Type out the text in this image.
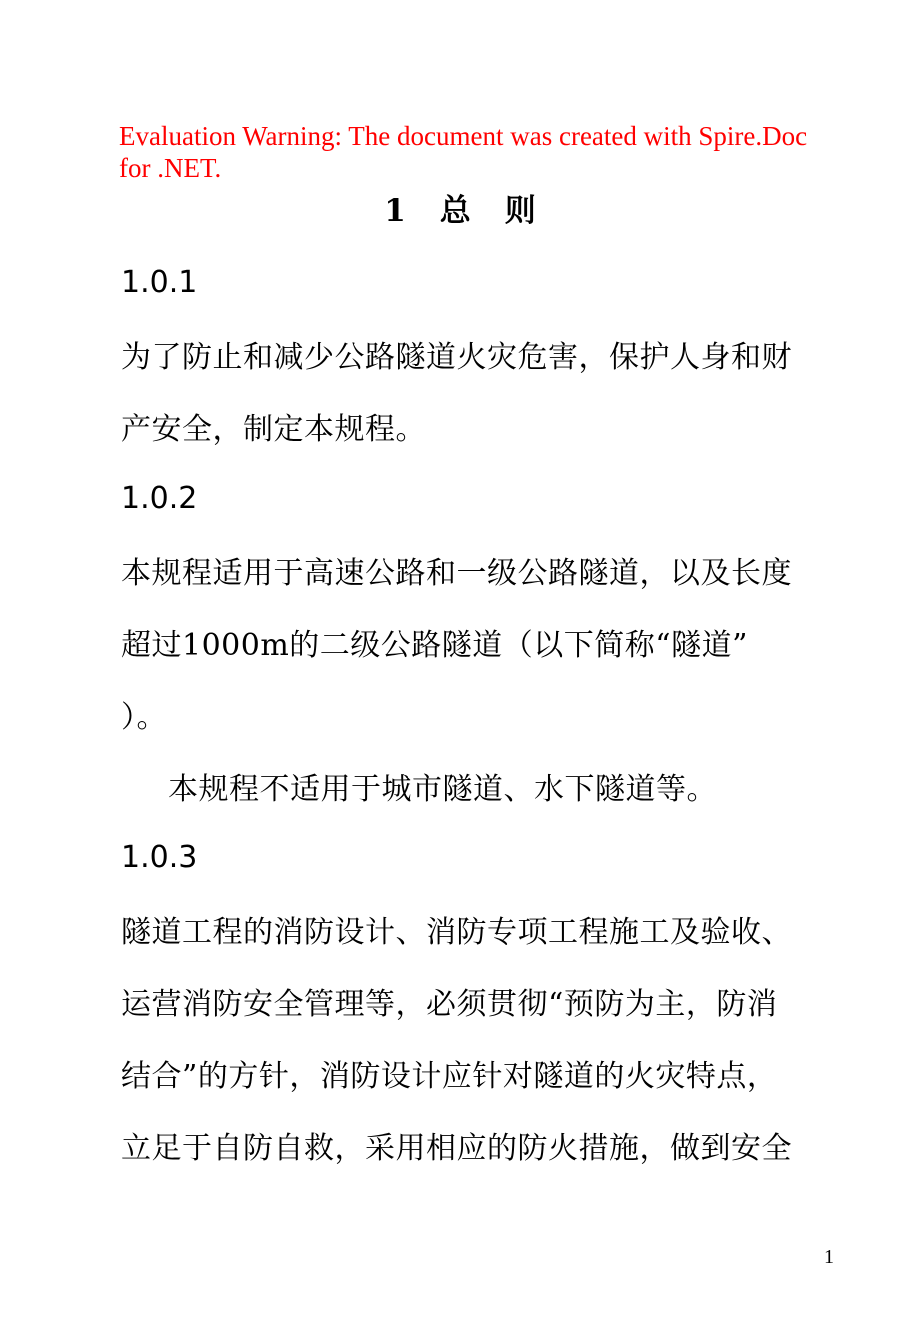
Evaluation Warning: The document was created with Spire.Doc
for .NET.
1 总 则
1.0.1
为了防止和减少公路隧道火灾危害，保护人身和财
产安全，制定本规程。
1.0.2
本规程适用于高速公路和一级公路隧道，以及长度
超过1000m的二级公路隧道（以下简称“隧道”
）。
本规程不适用于城市隧道、水下隧道等。
1.0.3
隧道工程的消防设计、消防专项工程施工及验收、
运营消防安全管理等，必须贯彻“预防为主，防消
结合”的方针，消防设计应针对隧道的火灾特点，
立足于自防自救，采用相应的防火措施，做到安全
1
